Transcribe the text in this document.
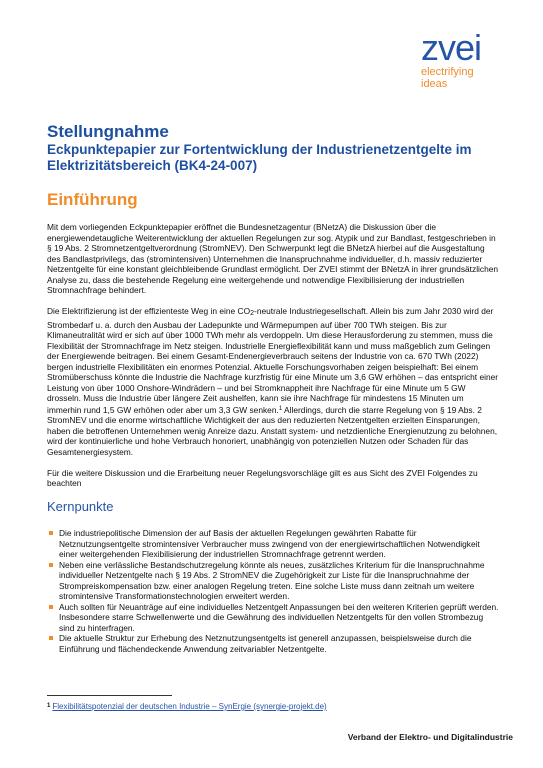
zvei
electrifying
ideas
Stellungnahme
Eckpunktepapier zur Fortentwicklung der Industrienetzentgelte im Elektrizitätsbereich (BK4-24-007)
Einführung

Mit dem vorliegenden Eckpunktepapier eröffnet die Bundesnetzagentur (BNetzA) die Diskussion über die energiewendetaugliche Weiterentwicklung der aktuellen Regelungen zur sog. Atypik und zur Bandlast, festgeschrieben in § 19 Abs. 2 Stromnetzentgeltverordnung (StromNEV). Den Schwerpunkt legt die BNetzA hierbei auf die Ausgestaltung des Bandlastprivilegs, das (stromintensiven) Unternehmen die Inanspruchnahme individueller, d.h. massiv reduzierter Netzentgelte für eine konstant gleichbleibende Grundlast ermöglicht. Der ZVEI stimmt der BNetzA in ihrer grundsätzlichen Analyse zu, dass die bestehende Regelung eine weitergehende und notwendige Flexibilisierung der industriellen Stromnachfrage behindert.

Die Elektrifizierung ist der effizienteste Weg in eine CO2-neutrale Industriegesellschaft. Allein bis zum Jahr 2030 wird der Strombedarf u. a. durch den Ausbau der Ladepunkte und Wärmepumpen auf über 700 TWh steigen. Bis zur Klimaneutralität wird er sich auf über 1000 TWh mehr als verdoppeln. Um diese Herausforderung zu stemmen, muss die Flexibilität der Stromnachfrage im Netz steigen. Industrielle Energieflexibilität kann und muss maßgeblich zum Gelingen der Energiewende beitragen. Bei einem Gesamt-Endenergieverbrauch seitens der Industrie von ca. 670 TWh (2022) bergen industrielle Flexibilitäten ein enormes Potenzial. Aktuelle Forschungsvorhaben zeigen beispielhaft: Bei einem Stromüberschuss könnte die Industrie die Nachfrage kurzfristig für eine Minute um 3,6 GW erhöhen – das entspricht einer Leistung von über 1000 Onshore-Windrädern – und bei Stromknappheit ihre Nachfrage für eine Minute um 5 GW drosseln. Muss die Industrie über längere Zeit aushelfen, kann sie ihre Nachfrage für mindestens 15 Minuten um immerhin rund 1,5 GW erhöhen oder aber um 3,3 GW senken.$^1$ Allerdings, durch die starre Regelung von § 19 Abs. 2 StromNEV und die enorme wirtschaftliche Wichtigkeit der aus den reduzierten Netzentgelten erzielten Einsparungen, haben die betroffenen Unternehmen wenig Anreize dazu. Anstatt system- und netzdienliche Energienutzung zu belohnen, wird der kontinuierliche und hohe Verbrauch honoriert, unabhängig von potenziellen Nutzen oder Schaden für das Gesamtenergiesystem.

Für die weitere Diskussion und die Erarbeitung neuer Regelungsvorschläge gilt es aus Sicht des ZVEI Folgendes zu beachten

Kernpunkte
Die industriepolitische Dimension der auf Basis der aktuellen Regelungen gewährten Rabatte für Netznutzungsentgelte stromintensiver Verbraucher muss zwingend von der energiewirtschaftlichen Notwendigkeit einer weitergehenden Flexibilisierung der industriellen Stromnachfrage getrennt werden.
Neben eine verlässliche Bestandschutzregelung könnte als neues, zusätzliches Kriterium für die Inanspruchnahme individueller Netzentgelte nach § 19 Abs. 2 StromNEV die Zugehörigkeit zur Liste für die Inanspruchnahme der Strompreiskompensation bzw. einer analogen Regelung treten. Eine solche Liste muss dann zeitnah um weitere stromintensive Transformationstechnologien erweitert werden.
Auch sollten für Neuanträge auf eine individuelles Netzentgelt Anpassungen bei den weiteren Kriterien geprüft werden. Insbesondere starre Schwellenwerte und die Gewährung des individuellen Netzentgelts für den vollen Strombezug sind zu hinterfragen.
Die aktuelle Struktur zur Erhebung des Netznutzungsentgelts ist generell anzupassen, beispielsweise durch die Einführung und flächendeckende Anwendung zeitvariabler Netzentgelte.
$^1$ Flexibilitätspotenzial der deutschen Industrie – SynErgie (synergie-projekt.de)
Verband der Elektro- und Digitalindustrie
